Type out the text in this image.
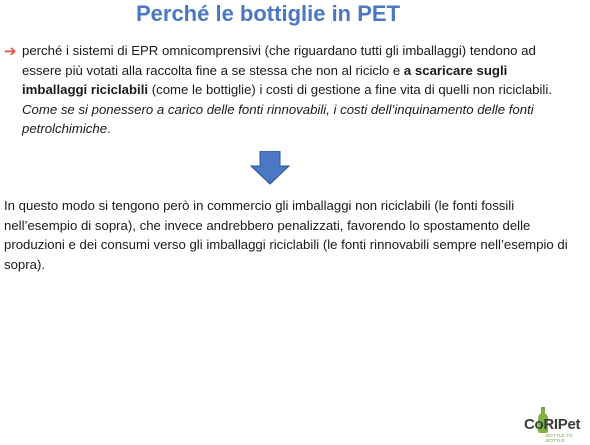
Perché le bottiglie in PET
➔ perché i sistemi di EPR omnicomprensivi (che riguardano tutti gli imballaggi) tendono ad essere più votati alla raccolta fine a se stessa che non al riciclo e a scaricare sugli imballaggi riciclabili (come le bottiglie) i costi di gestione a fine vita di quelli non riciclabili. Come se si ponessero a carico delle fonti rinnovabili, i costi dell’inquinamento delle fonti petrolchimiche.
In questo modo si tengono però in commercio gli imballaggi non riciclabili (le fonti fossili nell’esempio di sopra), che invece andrebbero penalizzati, favorendo lo spostamento delle produzioni e dei consumi verso gli imballaggi riciclabili (le fonti rinnovabili sempre nell’esempio di sopra).
CoRIPet
BOTTLE TO BOTTLE
